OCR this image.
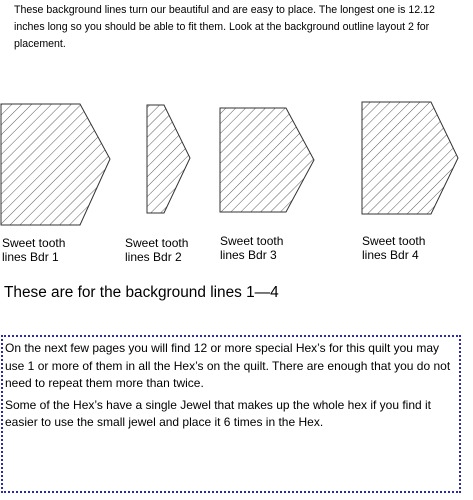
These background lines turn our beautiful and are easy to place. The longest one is 12.12 inches long so you should be able to fit them. Look at the background outline layout 2 for placement.

Sweet tooth
lines Bdr 1
Sweet tooth
lines Bdr 2
Sweet tooth
lines Bdr 3
Sweet tooth
lines Bdr 4

These are for the background lines 1—4

On the next few pages you will find 12 or more special Hex’s for this quilt you may use 1 or more of them in all the Hex’s on the quilt. There are enough that you do not need to repeat them more than twice.

Some of the Hex’s have a single Jewel that makes up the whole hex if you find it easier to use the small jewel and place it 6 times in the Hex.
